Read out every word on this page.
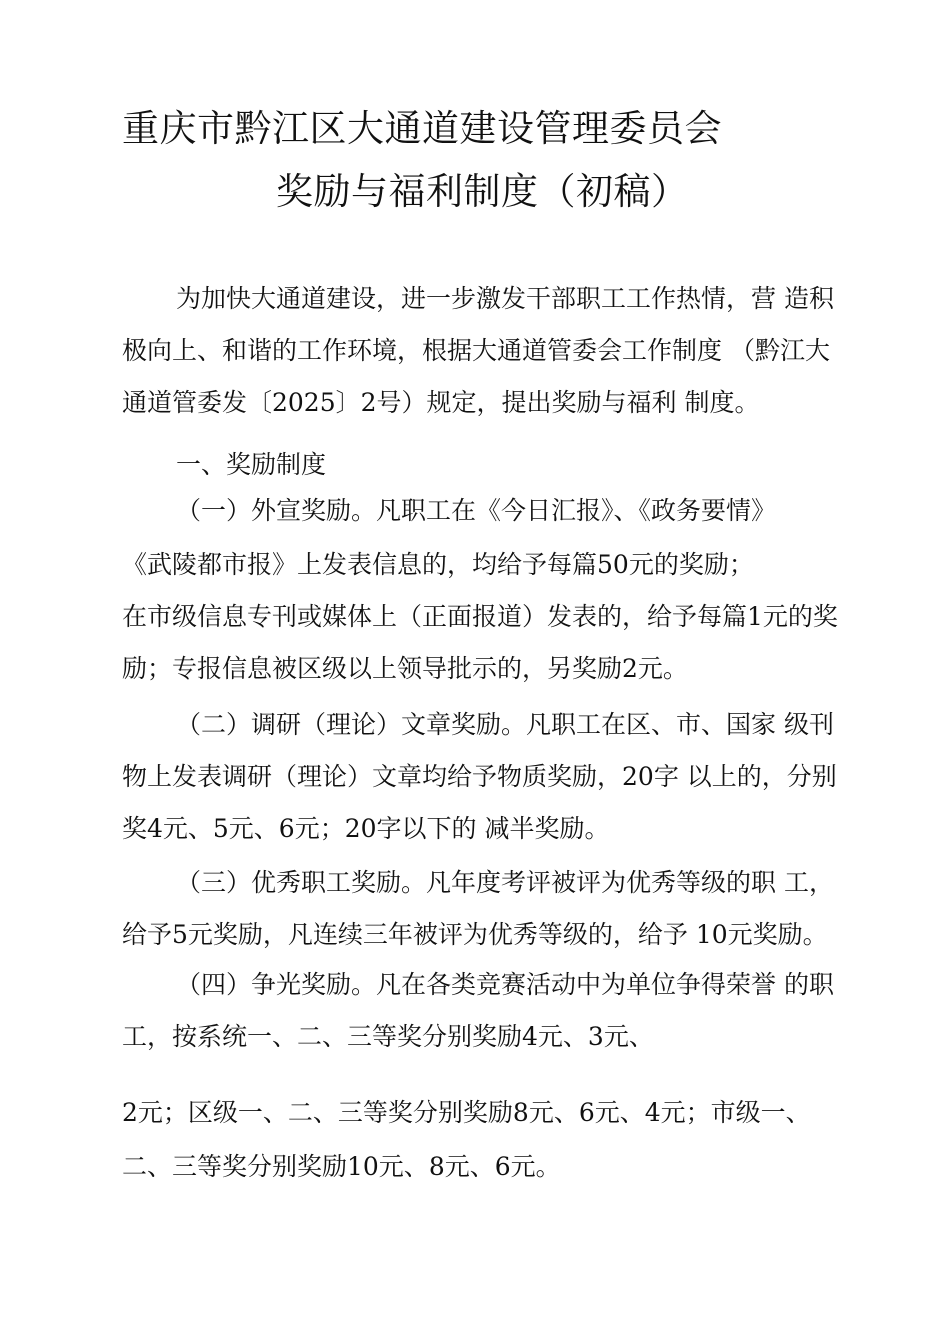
重庆市黔江区大通道建设管理委员会
奖励与福利制度（初稿）
为加快大通道建设，进一步激发干部职工工作热情，营 造积
极向上、和谐的工作环境，根据大通道管委会工作制度 （黔江大
通道管委发〔2025〕2号）规定，提出奖励与福利 制度。
一、奖励制度
（一）外宣奖励。凡职工在《今日汇报》、《政务要情》
《武陵都市报》上发表信息的，均给予每篇50元的奖励；
在市级信息专刊或媒体上（正面报道）发表的，给予每篇1元的奖
励；专报信息被区级以上领导批示的，另奖励2元。
（二）调研（理论）文章奖励。凡职工在区、市、国家 级刊
物上发表调研（理论）文章均给予物质奖励，20字 以上的，分别
奖4元、5元、6元；20字以下的 减半奖励。
（三）优秀职工奖励。凡年度考评被评为优秀等级的职 工，
给予5元奖励，凡连续三年被评为优秀等级的，给予 10元奖励。
（四）争光奖励。凡在各类竞赛活动中为单位争得荣誉 的职
工，按系统一、二、三等奖分别奖励4元、3元、
2元；区级一、二、三等奖分别奖励8元、6元、4元；市级一、
二、三等奖分别奖励10元、8元、6元。
